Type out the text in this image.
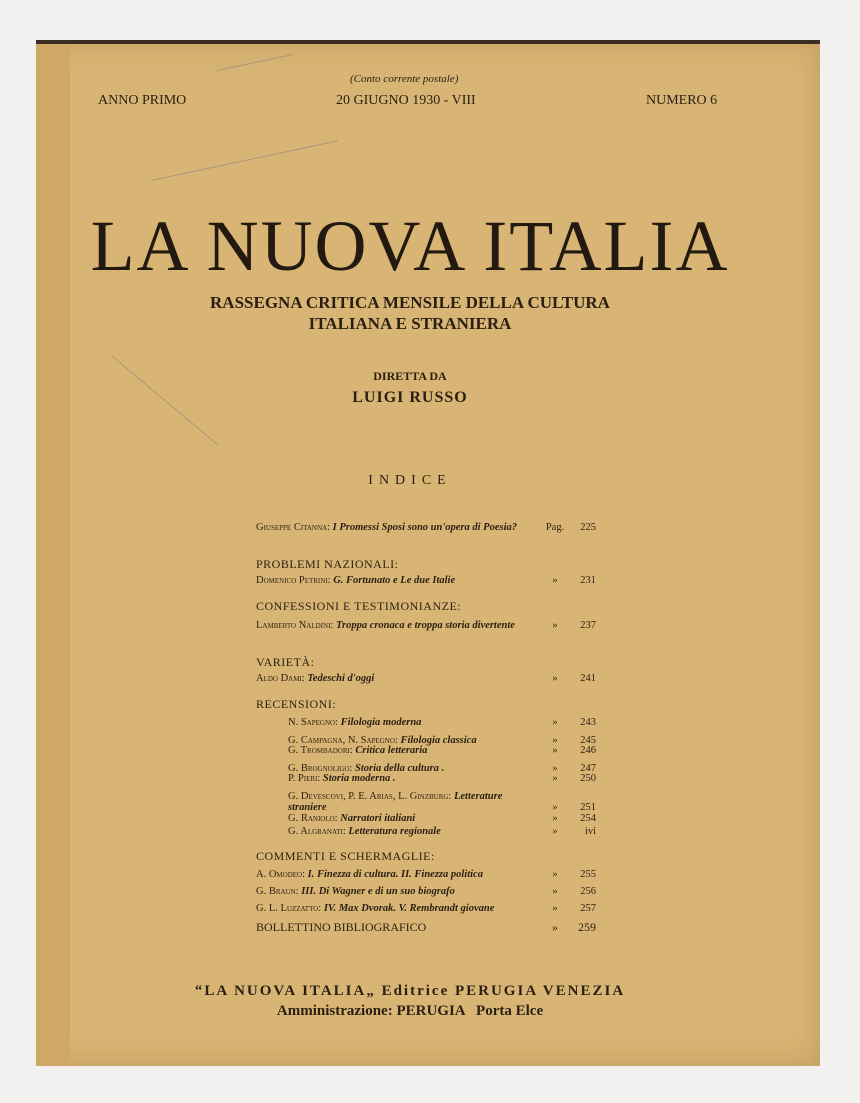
ANNO PRIMO
(Conto corrente postale)
20 GIUGNO 1930 - VIII	NUMERO 6
LA NUOVA ITALIA
RASSEGNA CRITICA MENSILE DELLA CULTURA
ITALIANA E STRANIERA
DIRETTA DA
LUIGI RUSSO
INDICE
Giuseppe Citanna: I Promessi Sposi sono un'opera di Poesia?	Pag.	225
PROBLEMI NAZIONALI:
Domenico Petrini: G. Fortunato e Le due Italie	»	231
CONFESSIONI E TESTIMONIANZE:
Lamberto Naldini: Troppa cronaca e troppa storia divertente	»	237
VARIETÀ:
Aldo Dami: Tedeschi d'oggi	»	241
RECENSIONI:
N. Sapegno: Filologia moderna	»	243
G. Campagna, N. Sapegno: Filologia classica	»	245
G. Trombadori: Critica letteraria	»	246
G. Brognoligo: Storia della cultura .	»	247
P. Pieri: Storia moderna .	»	250
G. Devescovi, P. E. Arias, L. Ginzburg: Letterature straniere	»	251
G. Raniolo: Narratori italiani	»	254
G. Algranati: Letteratura regionale	»	ivi
COMMENTI E SCHERMAGLIE:
A. Omodeo: I. Finezza di cultura. II. Finezza politica	»	255
G. Braun: III. Di Wagner e di un suo biografo	»	256
G. L. Luzzatto: IV. Max Dvorak. V. Rembrandt giovane	»	257
BOLLETTINO BIBLIOGRAFICO	»	259
“LA NUOVA ITALIA„ Editrice PERUGIA VENEZIA
Amministrazione: PERUGIA   Porta Elce
